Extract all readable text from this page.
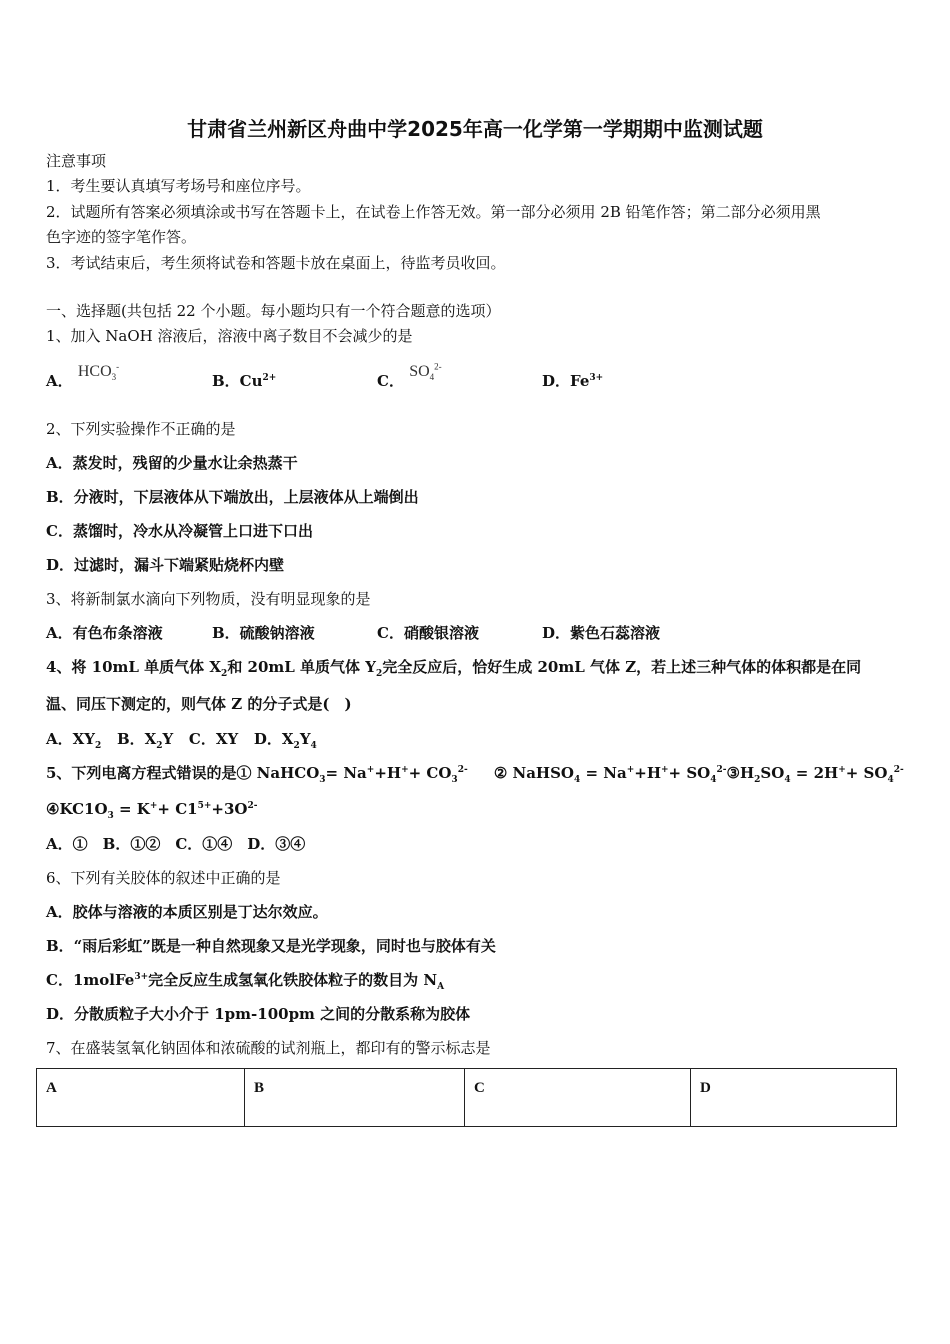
甘肃省兰州新区舟曲中学2025年高一化学第一学期期中监测试题
注意事项
1．考生要认真填写考场号和座位序号。
2．试题所有答案必须填涂或书写在答题卡上，在试卷上作答无效。第一部分必须用 2B 铅笔作答；第二部分必须用黑
色字迹的签字笔作答。
3．考试结束后，考生须将试卷和答题卡放在桌面上，待监考员收回。
一、选择题(共包括 22 个小题。每小题均只有一个符合题意的选项）
1、加入 NaOH 溶液后，溶液中离子数目不会减少的是
A． $HCO_3^-$
B．$Cu^{2+}$	C． $SO_4^{2-}$
D．$Fe^{3+}$
2、下列实验操作不正确的是
A．蒸发时，残留的少量水让余热蒸干
B．分液时，下层液体从下端放出，上层液体从上端倒出
C．蒸馏时，冷水从冷凝管上口进下口出
D．过滤时，漏斗下端紧贴烧杯内壁
3、将新制氯水滴向下列物质，没有明显现象的是
A．有色布条溶液	B．硫酸钠溶液	C．硝酸银溶液	D．紫色石蕊溶液
4、将 10mL 单质气体 $X_2$和 20mL 单质气体 $Y_2$完全反应后，恰好生成 20mL 气体 Z，若上述三种气体的体积都是在同
温、同压下测定的，则气体 Z 的分子式是(　)
A．$XY_2$ B．$X_2Y$ C．XY D．$X_2Y_4$
5、下列电离方程式错误的是① NaHCO$_3$= $Na^++H^++ CO_3^{2-}$ ② NaHSO$_4$ = $Na^++H^++ SO_4^{2-}③H_2SO_4 = 2H^++ SO_4^{2-}$
$④KC1O_3 = K^++ C1^{5+}+3O^{2-}$
A．①　B．①②　C．①④　D．③④
6、下列有关胶体的叙述中正确的是
A．胶体与溶液的本质区别是丁达尔效应。
B．“雨后彩虹”既是一种自然现象又是光学现象，同时也与胶体有关
C．1molFe$^{3+}$完全反应生成氢氧化铁胶体粒子的数目为 $N_A$
D．分散质粒子大小介于 1pm-100pm 之间的分散系称为胶体
7、在盛装氢氧化钠固体和浓硫酸的试剂瓶上，都印有的警示标志是
A	B	C	D
